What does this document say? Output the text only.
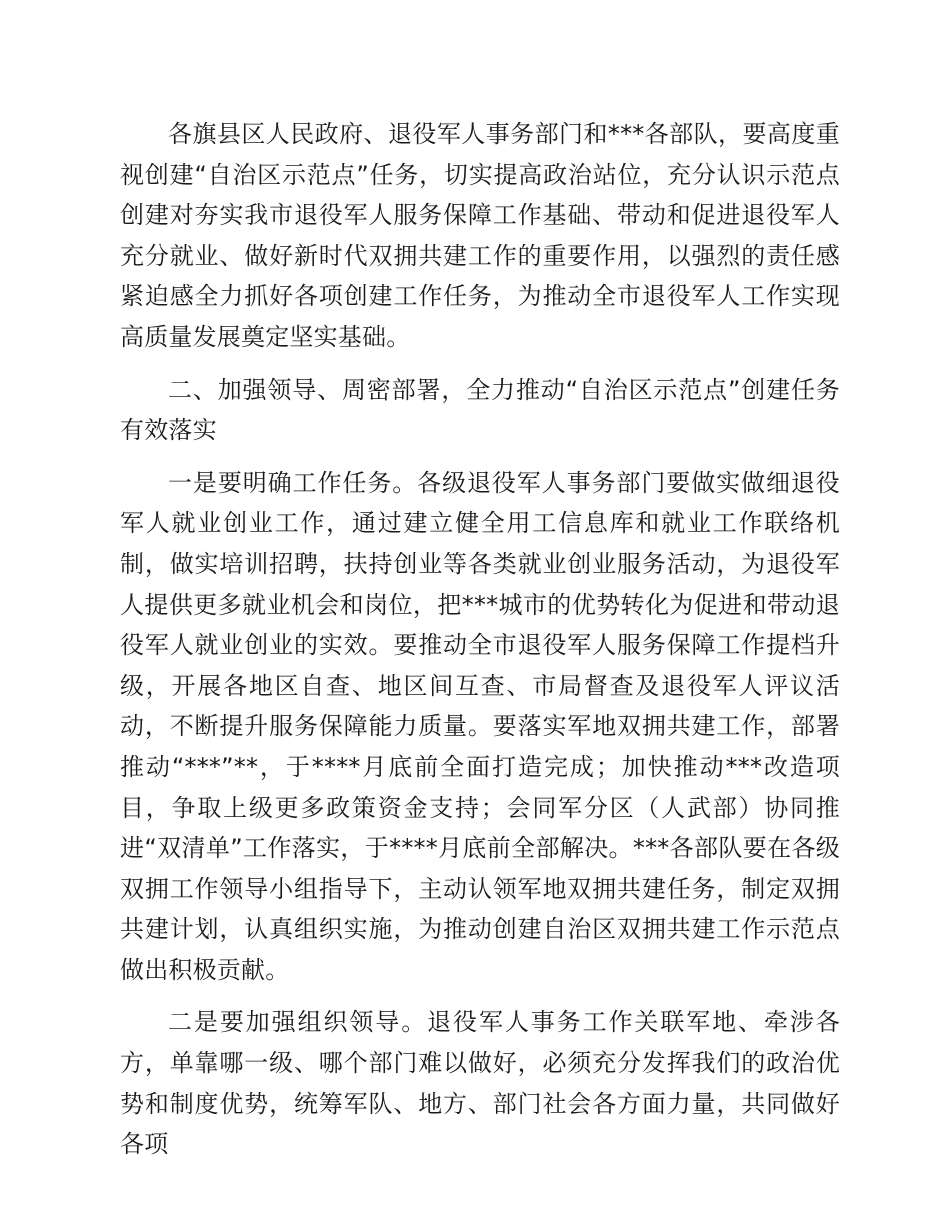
各旗县区人民政府、退役军人事务部门和***各部队，要高度重视创建“自治区示范点”任务，切实提高政治站位，充分认识示范点创建对夯实我市退役军人服务保障工作基础、带动和促进退役军人充分就业、做好新时代双拥共建工作的重要作用，以强烈的责任感紧迫感全力抓好各项创建工作任务，为推动全市退役军人工作实现高质量发展奠定坚实基础。

二、加强领导、周密部署，全力推动“自治区示范点”创建任务有效落实

一是要明确工作任务。各级退役军人事务部门要做实做细退役军人就业创业工作，通过建立健全用工信息库和就业工作联络机制，做实培训招聘，扶持创业等各类就业创业服务活动，为退役军人提供更多就业机会和岗位，把***城市的优势转化为促进和带动退役军人就业创业的实效。要推动全市退役军人服务保障工作提档升级，开展各地区自查、地区间互查、市局督查及退役军人评议活动，不断提升服务保障能力质量。要落实军地双拥共建工作，部署推动“***”**，于****月底前全面打造完成；加快推动***改造项目，争取上级更多政策资金支持；会同军分区（人武部）协同推进“双清单”工作落实，于****月底前全部解决。***各部队要在各级双拥工作领导小组指导下，主动认领军地双拥共建任务，制定双拥共建计划，认真组织实施，为推动创建自治区双拥共建工作示范点做出积极贡献。

二是要加强组织领导。退役军人事务工作关联军地、牵涉各方，单靠哪一级、哪个部门难以做好，必须充分发挥我们的政治优势和制度优势，统筹军队、地方、部门社会各方面力量，共同做好各项
